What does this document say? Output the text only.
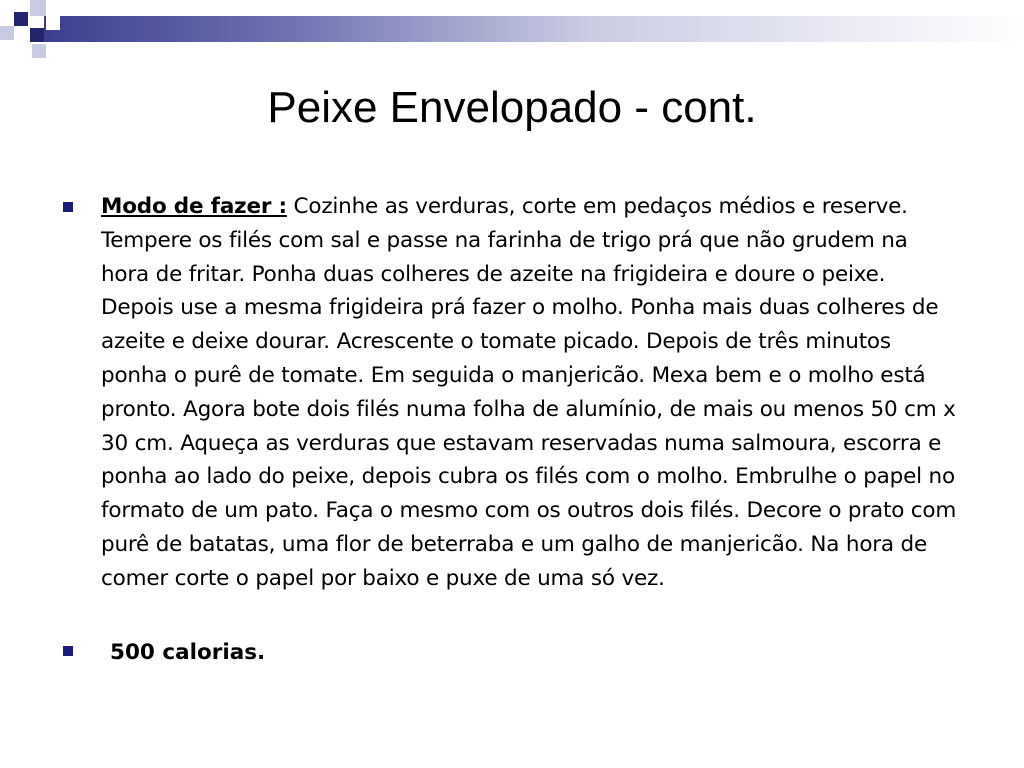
Peixe Envelopado - cont.

Modo de fazer : Cozinhe as verduras, corte em pedaços médios e reserve. Tempere os filés com sal e passe na farinha de trigo prá que não grudem na hora de fritar. Ponha duas colheres de azeite na frigideira e doure o peixe. Depois use a mesma frigideira prá fazer o molho. Ponha mais duas colheres de azeite e deixe dourar. Acrescente o tomate picado. Depois de três minutos ponha o purê de tomate. Em seguida o manjericão. Mexa bem e o molho está pronto. Agora bote dois filés numa folha de alumínio, de mais ou menos 50 cm x 30 cm. Aqueça as verduras que estavam reservadas numa salmoura, escorra e ponha ao lado do peixe, depois cubra os filés com o molho. Embrulhe o papel no formato de um pato. Faça o mesmo com os outros dois filés. Decore o prato com purê de batatas, uma flor de beterraba e um galho de manjericão. Na hora de comer corte o papel por baixo e puxe de uma só vez.

500 calorias.
